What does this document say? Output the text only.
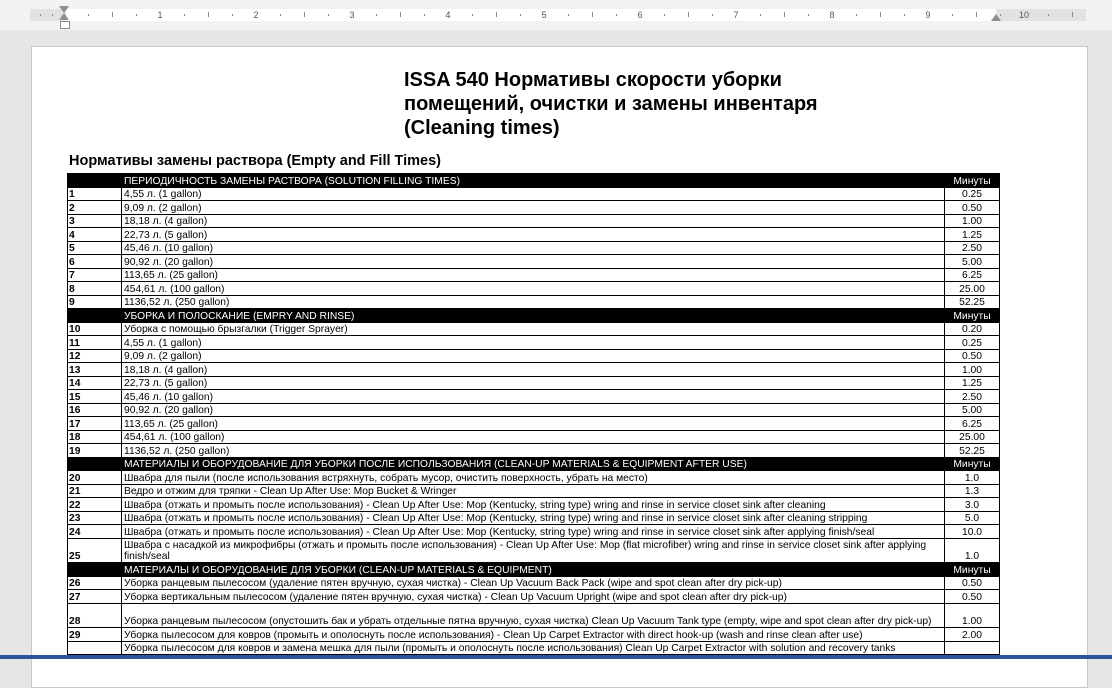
1	2	3	4	5	6	7	8	9	10
ISSA 540 Нормативы скорости уборки помещений, очистки и замены инвентаря (Cleaning times)
Нормативы замены раствора (Empty and Fill Times)
	ПЕРИОДИЧНОСТЬ ЗАМЕНЫ РАСТВОРА (SOLUTION FILLING TIMES)	Минуты
1	4,55 л. (1 gallon)	0.25
2	9,09 л. (2 gallon)	0.50
3	18,18 л. (4 gallon)	1.00
4	22,73 л. (5 gallon)	1.25
5	45,46 л. (10 gallon)	2.50
6	90,92 л. (20 gallon)	5.00
7	113,65 л. (25 gallon)	6.25
8	454,61 л. (100 gallon)	25.00
9	1136,52 л. (250 gallon)	52.25
	УБОРКА И ПОЛОСКАНИЕ (EMPRY AND RINSE)	Минуты
10	Уборка с помощью брызгалки (Trigger Sprayer)	0.20
11	4,55 л. (1 gallon)	0.25
12	9,09 л. (2 gallon)	0.50
13	18,18 л. (4 gallon)	1.00
14	22,73 л. (5 gallon)	1.25
15	45,46 л. (10 gallon)	2.50
16	90,92 л. (20 gallon)	5.00
17	113,65 л. (25 gallon)	6.25
18	454,61 л. (100 gallon)	25.00
19	1136,52 л. (250 gallon)	52.25
	МАТЕРИАЛЫ И ОБОРУДОВАНИЕ ДЛЯ УБОРКИ ПОСЛЕ ИСПОЛЬЗОВАНИЯ (CLEAN-UP MATERIALS & EQUIPMENT AFTER USE)	Минуты
20	Швабра для пыли (после использования встряхнуть, собрать мусор, очистить поверхность, убрать на место)	1.0
21	Ведро и отжим для тряпки - Clean Up After Use: Mop Bucket & Wringer	1.3
22	Швабра (отжать и промыть после использования) - Clean Up After Use: Mop (Kentucky, string type) wring and rinse in service closet sink after cleaning	3.0
23	Швабра (отжать и промыть после использования) - Clean Up After Use: Mop (Kentucky, string type) wring and rinse in service closet sink after cleaning stripping	5.0
24	Швабра (отжать и промыть после использования) - Clean Up After Use: Mop (Kentucky, string type) wring and rinse in service closet sink after applying finish/seal	10.0
25	Швабра с насадкой из микрофибры (отжать и промыть после использования) - Clean Up After Use: Mop (flat microfiber) wring and rinse in service closet sink after applying finish/seal	1.0
	МАТЕРИАЛЫ И ОБОРУДОВАНИЕ ДЛЯ УБОРКИ (CLEAN-UP MATERIALS & EQUIPMENT)	Минуты
26	Уборка ранцевым пылесосом (удаление пятен вручную, сухая чистка) - Clean Up Vacuum Back Pack (wipe and spot clean after dry pick-up)	0.50
27	Уборка вертикальным пылесосом (удаление пятен вручную, сухая чистка) - Clean Up Vacuum Upright (wipe and spot clean after dry pick-up)	0.50
28	Уборка ранцевым пылесосом (опустошить бак и убрать отдельные пятна вручную, сухая чистка) Clean Up Vacuum Tank type (empty, wipe and spot clean after dry pick-up)	1.00
29	Уборка пылесосом для ковров (промыть и ополоснуть после использования) - Clean Up Carpet Extractor with direct hook-up (wash and rinse clean after use)	2.00
	Уборка пылесосом для ковров и замена мешка для пыли (промыть и ополоснуть после использования) Clean Up Carpet Extractor with solution and recovery tanks	
